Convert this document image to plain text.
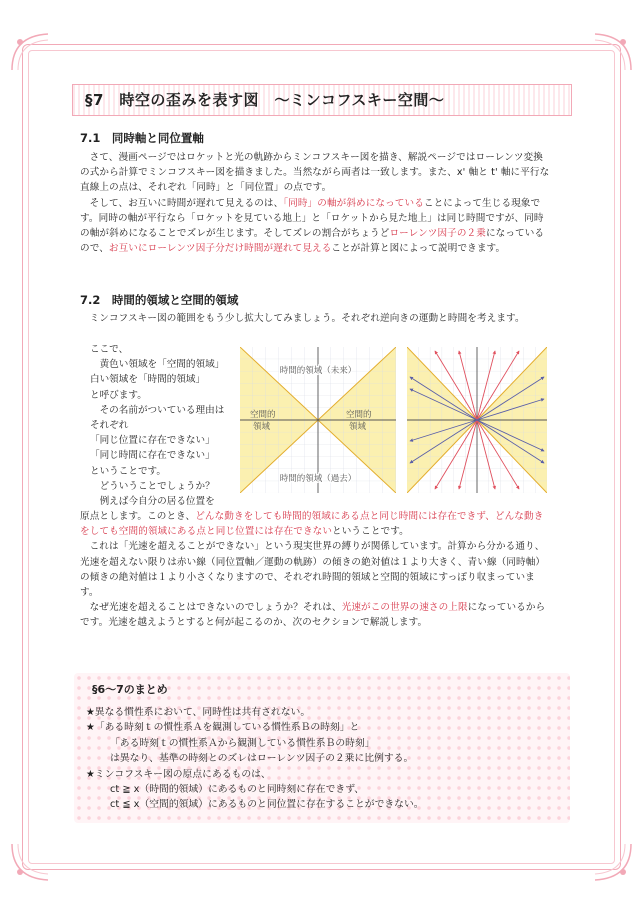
§7　時空の歪みを表す図　〜ミンコフスキー空間〜
7.1　同時軸と同位置軸

さて、漫画ページではロケットと光の軌跡からミンコフスキー図を描き、解説ページではローレンツ変換の式から計算でミンコフスキー図を描きました。当然ながら両者は一致します。また、x' 軸と t' 軸に平行な直線上の点は、それぞれ「同時」と「同位置」の点です。

そして、お互いに時間が遅れて見えるのは、「同時」の軸が斜めになっていることによって生じる現象です。同時の軸が平行なら「ロケットを見ている地上」と「ロケットから見た地上」は同じ時間ですが、同時の軸が斜めになることでズレが生じます。そしてズレの割合がちょうどローレンツ因子の２乗になっているので、お互いにローレンツ因子分だけ時間が遅れて見えることが計算と図によって説明できます。

7.2　時間的領域と空間的領域

ミンコフスキー図の範囲をもう少し拡大してみましょう。それぞれ逆向きの運動と時間を考えます。

ここで、
黄色い領域を「空間的領域」
白い領域を「時間的領域」
と呼びます。
その名前がついている理由は
それぞれ
「同じ位置に存在できない」
「同じ時間に存在できない」
ということです。
どういうことでしょうか？
例えば今自分の居る位置を
時間的領域（未来）
時間的領域（過去）
空間的
領域
空間的
領域

原点とします。このとき、どんな動きをしても時間的領域にある点と同じ時間には存在できず、どんな動きをしても空間的領域にある点と同じ位置には存在できないということです。

これは「光速を超えることができない」という現実世界の縛りが関係しています。計算から分かる通り、光速を超えない限りは赤い線（同位置軸／運動の軌跡）の傾きの絶対値は１より大きく、青い線（同時軸）の傾きの絶対値は１より小さくなりますので、それぞれ時間的領域と空間的領域にすっぽり収まっています。

なぜ光速を超えることはできないのでしょうか？それは、光速がこの世界の速さの上限になっているからです。光速を越えようとすると何が起こるのか、次のセクションで解説します。

§6〜7のまとめ
★異なる慣性系において、同時性は共有されない。
★「ある時刻ｔの慣性系Ａを観測している慣性系Ｂの時刻」と
「ある時刻ｔの慣性系Ａから観測している慣性系Ｂの時刻」
は異なり、基準の時刻とのズレはローレンツ因子の２乗に比例する。
★ミンコフスキー図の原点にあるものは、
ct ≧ x（時間的領域）にあるものと同時刻に存在できず、
ct ≦ x（空間的領域）にあるものと同位置に存在することができない。
